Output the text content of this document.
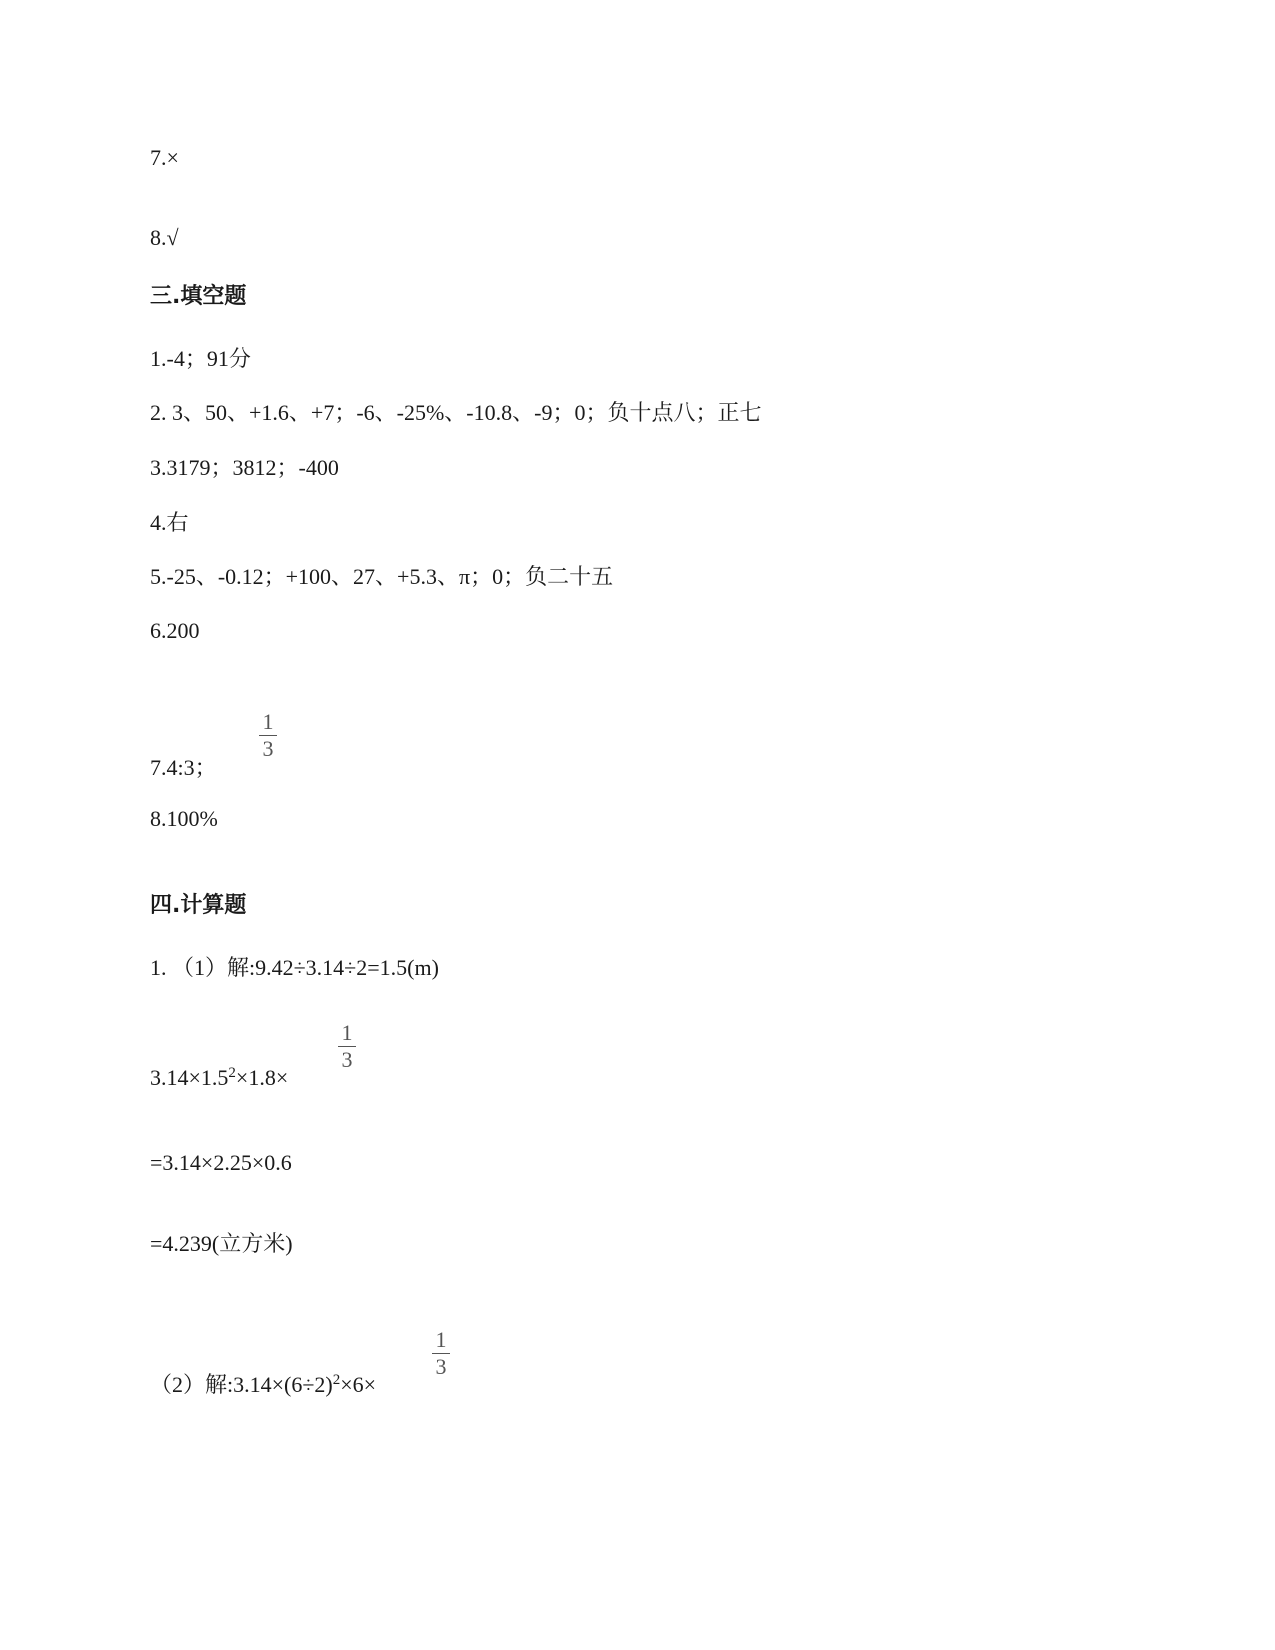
7.×
8.√
三.填空题
1.-4；91分
2. 3、50、+1.6、+7；-6、-25%、-10.8、-9；0；负十点八；正七
3.3179；3812；-400
4.右
5.-25、-0.12；+100、27、+5.3、π；0；负二十五
6.200
7.4:3；
1
3
8.100%
四.计算题
1. （1）解:9.42÷3.14÷2=1.5(m)
$3.14\times 1.5^2\times 1.8\times$
1
3
=3.14×2.25×0.6
=4.239(立方米)
（2）解$:3.14\times(6\div 2)^2\times 6\times$
1
3
